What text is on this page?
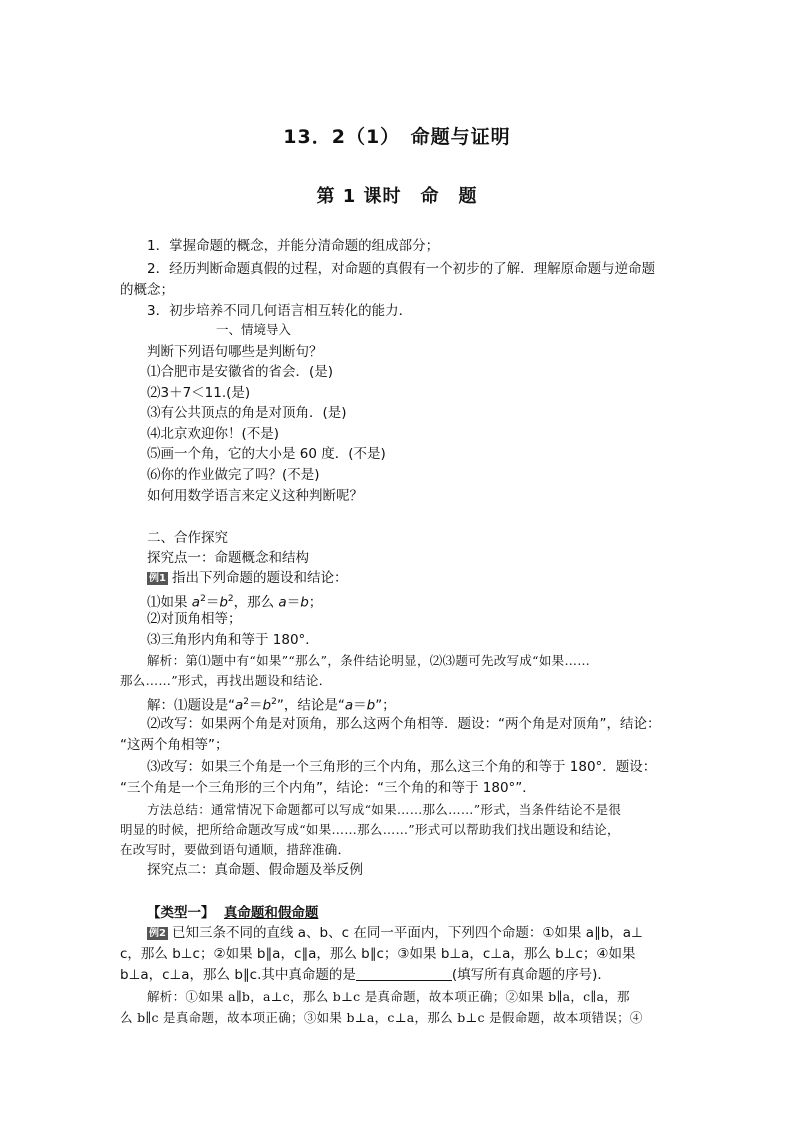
13．2（1）　命题与证明
第 1 课时　命　题
1．掌握命题的概念，并能分清命题的组成部分；
2．经历判断命题真假的过程，对命题的真假有一个初步的了解．理解原命题与逆命题
的概念；
3．初步培养不同几何语言相互转化的能力．
一、情境导入
判断下列语句哪些是判断句？
⑴合肥市是安徽省的省会．(是)
⑵3＋7＜11.(是)
⑶有公共顶点的角是对顶角．(是)
⑷北京欢迎你！(不是)
⑸画一个角，它的大小是 60 度．(不是)
⑹你的作业做完了吗？(不是)
如何用数学语言来定义这种判断呢？
二、合作探究
探究点一：命题概念和结构
例1 指出下列命题的题设和结论：
⑴如果 $a^2=b^2$，那么 a＝b；
⑵对顶角相等；
⑶三角形内角和等于 180°．
解析：第⑴题中有“如果”“那么”，条件结论明显，⑵⑶题可先改写成“如果……
那么……”形式，再找出题设和结论．
解：⑴题设是“$a^2=b^2$”，结论是“a＝b”；
⑵改写：如果两个角是对顶角，那么这两个角相等．题设：“两个角是对顶角”，结论：
“这两个角相等”；
⑶改写：如果三个角是一个三角形的三个内角，那么这三个角的和等于 180°．题设：
“三个角是一个三角形的三个内角”，结论：“三个角的和等于 180°”．
方法总结：通常情况下命题都可以写成“如果……那么……”形式，当条件结论不是很
明显的时候，把所给命题改写成“如果……那么……”形式可以帮助我们找出题设和结论，
在改写时，要做到语句通顺，措辞准确．
探究点二：真命题、假命题及举反例
【类型一】 真命题和假命题
例2 已知三条不同的直线 a、b、c 在同一平面内，下列四个命题：①如果 a∥b，a⊥
c，那么 b⊥c；②如果 b∥a，c∥a，那么 b∥c；③如果 b⊥a，c⊥a，那么 b⊥c；④如果
b⊥a，c⊥a，那么 b∥c.其中真命题的是	(填写所有真命题的序号)．
解析：①如果 a∥b，a⊥c，那么 b⊥c 是真命题，故本项正确；②如果 b∥a，c∥a，那
么 b∥c 是真命题，故本项正确；③如果 b⊥a，c⊥a，那么 b⊥c 是假命题，故本项错误；④
